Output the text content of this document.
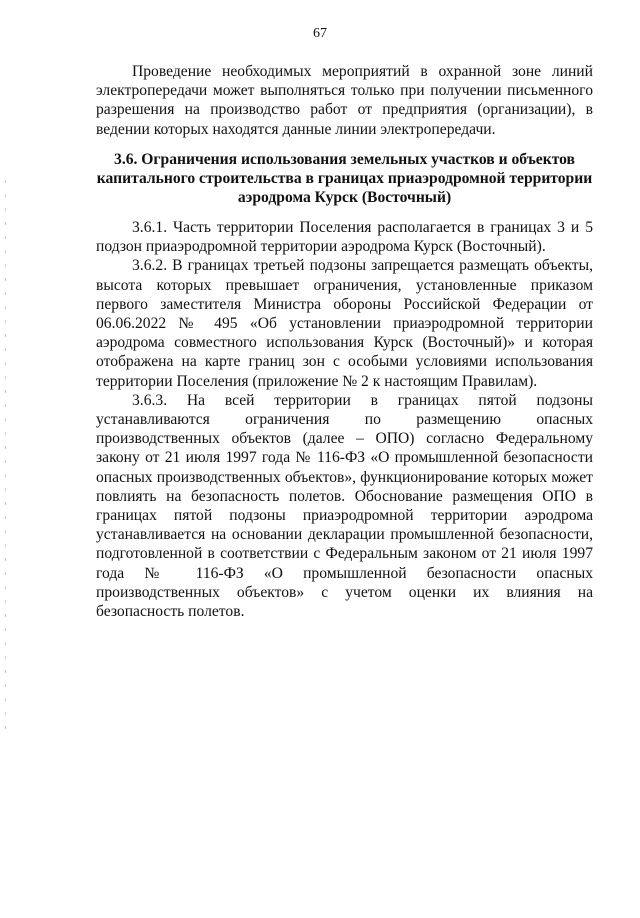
67

Проведение необходимых мероприятий в охранной зоне линий электропередачи может выполняться только при получении письменного разрешения на производство работ от предприятия (организации), в ведении которых находятся данные линии электропередачи.

3.6. Ограничения использования земельных участков и объектов
капитального строительства в границах приаэродромной территории
аэродрома Курск (Восточный)

3.6.1. Часть территории Поселения располагается в границах 3 и 5 подзон приаэродромной территории аэродрома Курск (Восточный).

3.6.2. В границах третьей подзоны запрещается размещать объекты, высота которых превышает ограничения, установленные приказом первого заместителя Министра обороны Российской Федерации от 06.06.2022 № 495 «Об установлении приаэродромной территории аэродрома совместного использования Курск (Восточный)» и которая отображена на карте границ зон с особыми условиями использования территории Поселения (приложение № 2 к настоящим Правилам).

3.6.3. На всей территории в границах пятой подзоны устанавливаются ограничения по размещению опасных производственных объектов (далее – ОПО) согласно Федеральному закону от 21 июля 1997 года № 116-ФЗ «О промышленной безопасности опасных производственных объектов», функционирование которых может повлиять на безопасность полетов. Обоснование размещения ОПО в границах пятой подзоны приаэродромной территории аэродрома устанавливается на основании декларации промышленной безопасности, подготовленной в соответствии с Федеральным законом от 21 июля 1997 года № 116-ФЗ «О промышленной безопасности опасных производственных объектов» с учетом оценки их влияния на безопасность полетов.
